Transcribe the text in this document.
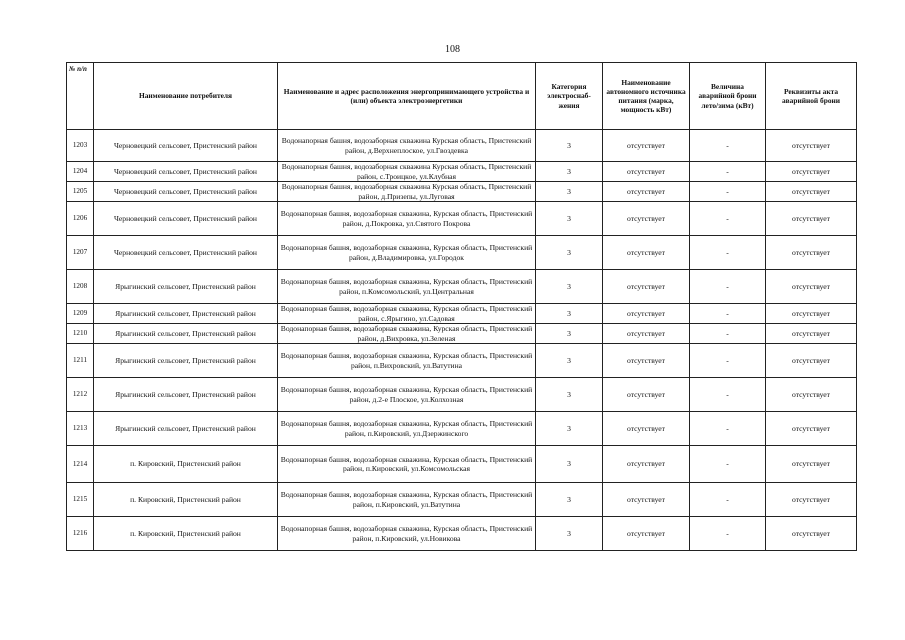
108
№ п/п	Наименование потребителя	Наименование и адрес расположения энергопринимающего устройства и (или) объекта электроэнергетики	Категория электроснаб-жения	Наименование автономного источника питания (марка, мощность кВт)	Величина аварийной брони лето/зима (кВт)	Реквизиты акта аварийной брони
1203	Черновецкий сельсовет, Пристенский район	Водонапорная башня, водозаборная скважина Курская область, Пристенский район, д.Верхнеплоское, ул.Гвоздевка	3	отсутствует	-	отсутствует
1204	Черновецкий сельсовет, Пристенский район	Водонапорная башня, водозаборная скважина Курская область, Пристенский район, с.Троицкое, ул.Клубная	3	отсутствует	-	отсутствует
1205	Черновецкий сельсовет, Пристенский район	Водонапорная башня, водозаборная скважина Курская область, Пристенский район, д.Призепы, ул.Луговая	3	отсутствует	-	отсутствует
1206	Черновецкий сельсовет, Пристенский район	Водонапорная башня, водозаборная скважина, Курская область, Пристенский район, д.Покровка, ул.Святого Покрова	3	отсутствует	-	отсутствует
1207	Черновецкий сельсовет, Пристенский район	Водонапорная башня, водозаборная скважина, Курская область, Пристенский район, д.Владимировка, ул.Городок	3	отсутствует	-	отсутствует
1208	Ярыгинский сельсовет, Пристенский район	Водонапорная башня, водозаборная скважина, Курская область, Пристенский район, п.Комсомольский, ул.Центральная	3	отсутствует	-	отсутствует
1209	Ярыгинский сельсовет, Пристенский район	Водонапорная башня, водозаборная скважина, Курская область, Пристенский район, с.Ярыгино, ул.Садовая	3	отсутствует	-	отсутствует
1210	Ярыгинский сельсовет, Пристенский район	Водонапорная башня, водозаборная скважина, Курская область, Пристенский район, д.Вихровка, ул.Зеленая	3	отсутствует	-	отсутствует
1211	Ярыгинский сельсовет, Пристенский район	Водонапорная башня, водозаборная скважина, Курская область, Пристенский район, п.Вихровский, ул.Ватутина	3	отсутствует	-	отсутствует
1212	Ярыгинский сельсовет, Пристенский район	Водонапорная башня, водозаборная скважина, Курская область, Пристенский район, д.2-е Плоское, ул.Колхозная	3	отсутствует	-	отсутствует
1213	Ярыгинский сельсовет, Пристенский район	Водонапорная башня, водозаборная скважина, Курская область, Пристенский район, п.Кировский, ул.Дзержинского	3	отсутствует	-	отсутствует
1214	п. Кировский, Пристенский район	Водонапорная башня, водозаборная скважина, Курская область, Пристенский район, п.Кировский, ул.Комсомольская	3	отсутствует	-	отсутствует
1215	п. Кировский, Пристенский район	Водонапорная башня, водозаборная скважина, Курская область, Пристенский район, п.Кировский, ул.Ватутина	3	отсутствует	-	отсутствует
1216	п. Кировский, Пристенский район	Водонапорная башня, водозаборная скважина, Курская область, Пристенский район, п.Кировский, ул.Новикова	3	отсутствует	-	отсутствует
